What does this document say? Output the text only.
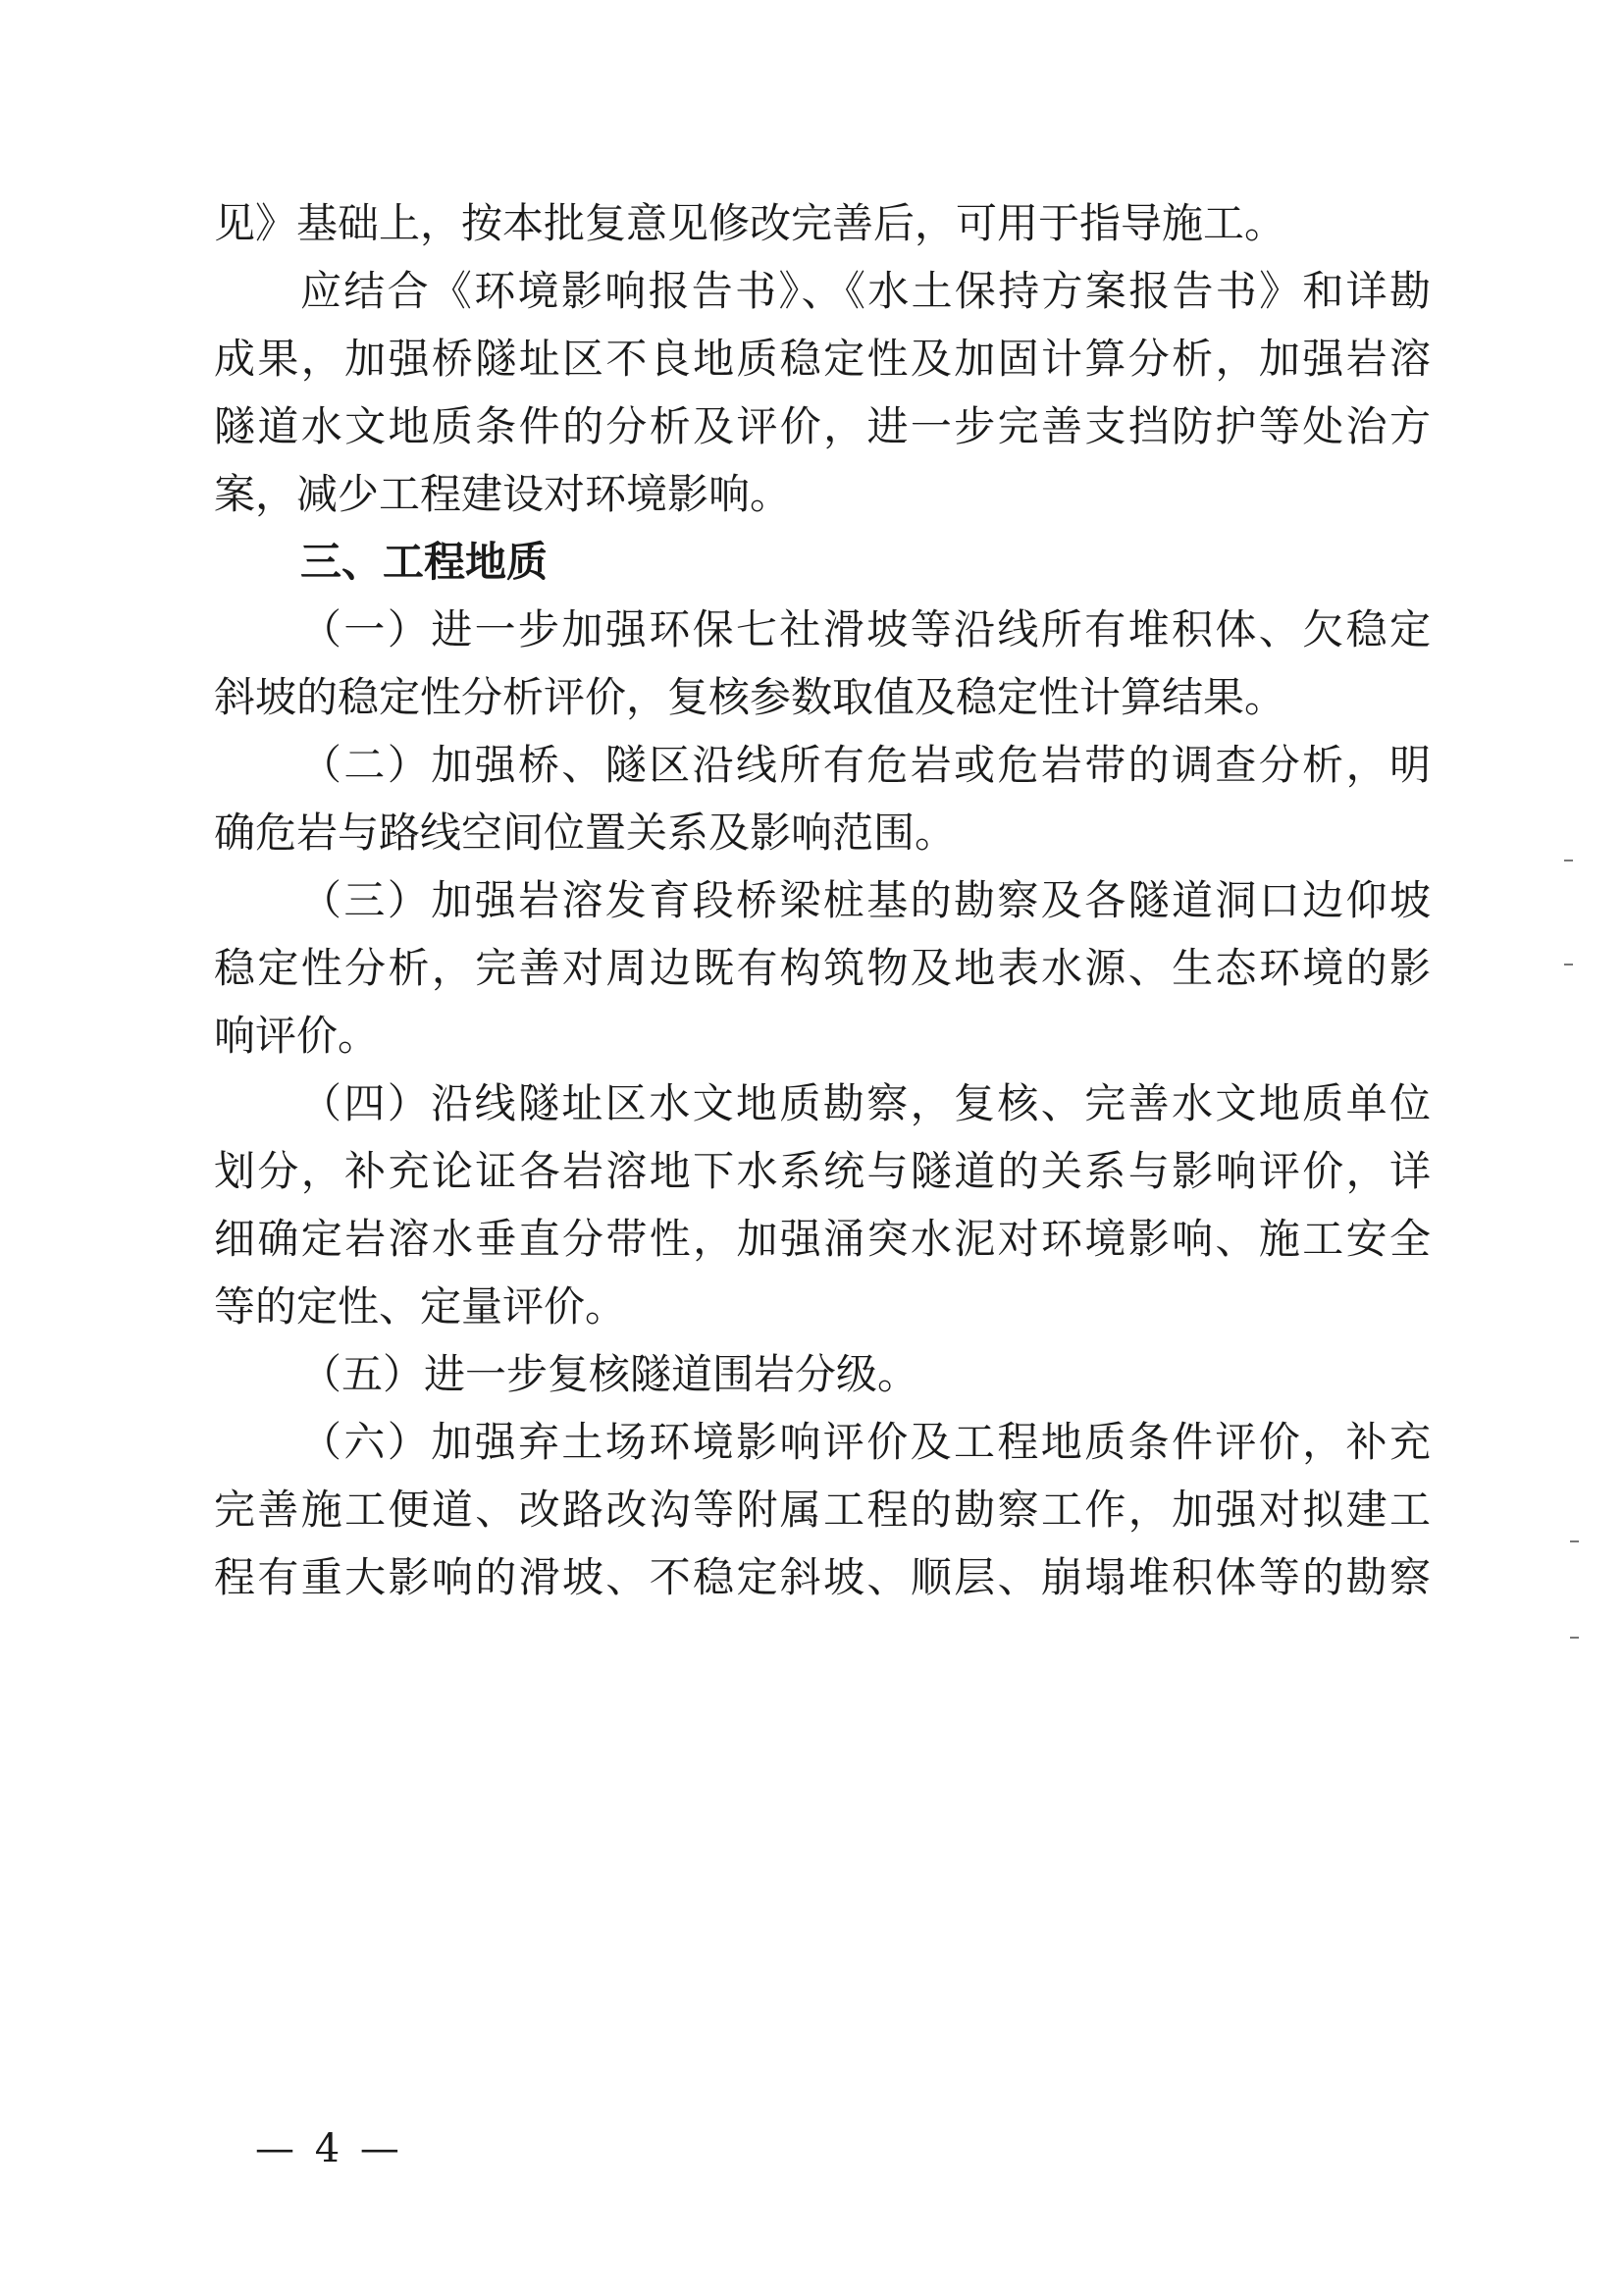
见》基础上，按本批复意见修改完善后，可用于指导施工。
应结合《环境影响报告书》、《水土保持方案报告书》和详勘
成果，加强桥隧址区不良地质稳定性及加固计算分析，加强岩溶
隧道水文地质条件的分析及评价，进一步完善支挡防护等处治方
案，减少工程建设对环境影响。
三、工程地质
（一）进一步加强环保七社滑坡等沿线所有堆积体、欠稳定
斜坡的稳定性分析评价，复核参数取值及稳定性计算结果。
（二）加强桥、隧区沿线所有危岩或危岩带的调查分析，明
确危岩与路线空间位置关系及影响范围。
（三）加强岩溶发育段桥梁桩基的勘察及各隧道洞口边仰坡
稳定性分析，完善对周边既有构筑物及地表水源、生态环境的影
响评价。
（四）沿线隧址区水文地质勘察，复核、完善水文地质单位
划分，补充论证各岩溶地下水系统与隧道的关系与影响评价，详
细确定岩溶水垂直分带性，加强涌突水泥对环境影响、施工安全
等的定性、定量评价。
（五）进一步复核隧道围岩分级。
（六）加强弃土场环境影响评价及工程地质条件评价，补充
完善施工便道、改路改沟等附属工程的勘察工作，加强对拟建工
程有重大影响的滑坡、不稳定斜坡、顺层、崩塌堆积体等的勘察
— 4 —
